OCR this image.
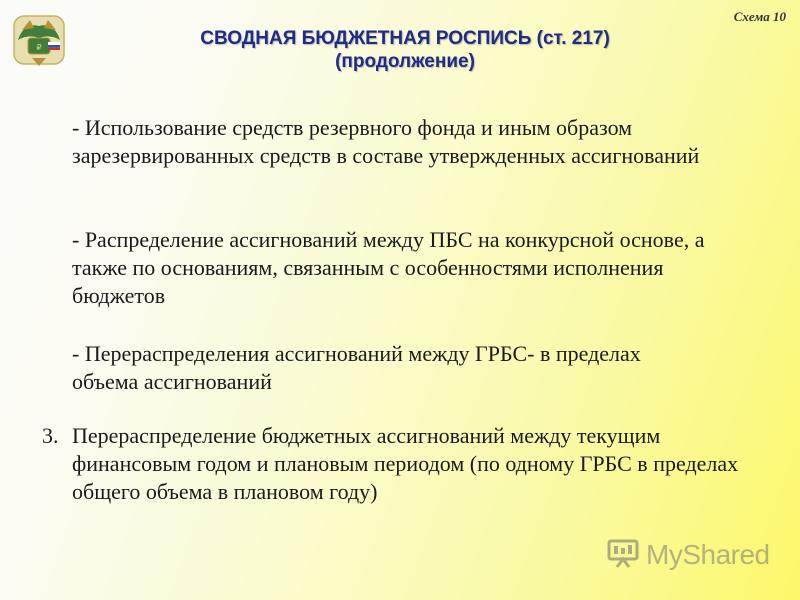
₽
Схема 10
СВОДНАЯ БЮДЖЕТНАЯ РОСПИСЬ (ст. 217)
(продолжение)
- Использование средств резервного фонда и иным образом зарезервированных средств в составе утвержденных ассигнований
- Распределение ассигнований между ПБС на конкурсной основе, а также по основаниям, связанным с особенностями исполнения бюджетов
- Перераспределения ассигнований между ГРБС- в пределах объема ассигнований
3. Перераспределение бюджетных ассигнований между текущим финансовым годом и плановым периодом (по одному ГРБС в пределах общего объема в плановом году)
MyShared
